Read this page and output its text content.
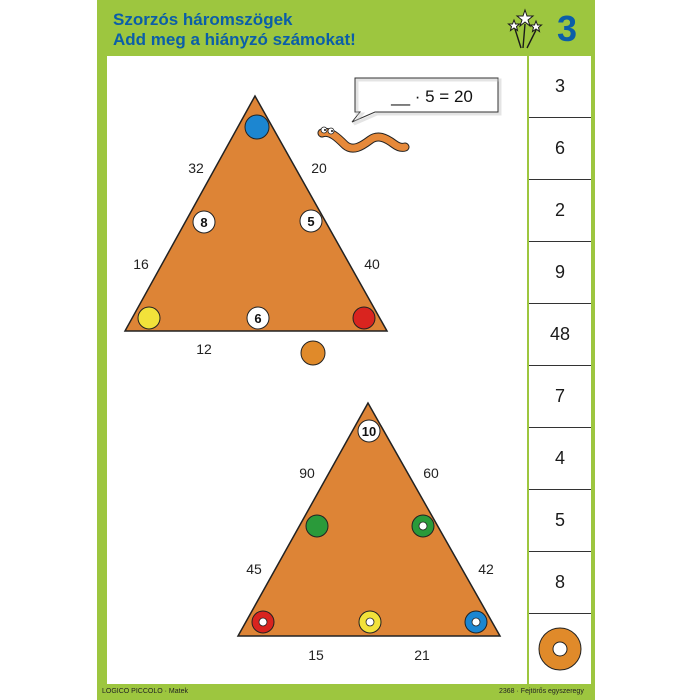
Szorzós háromszögek
Add meg a hiányzó számokat!	3
8	5
6
32	20
16	40
12
__ · 5 = 20
10
90	60
45	42
15	21
3
6
2
9
48
7
4
5
8
LOGICO PICCOLO · Matek	2368 · Fejtörős egyszeregy
